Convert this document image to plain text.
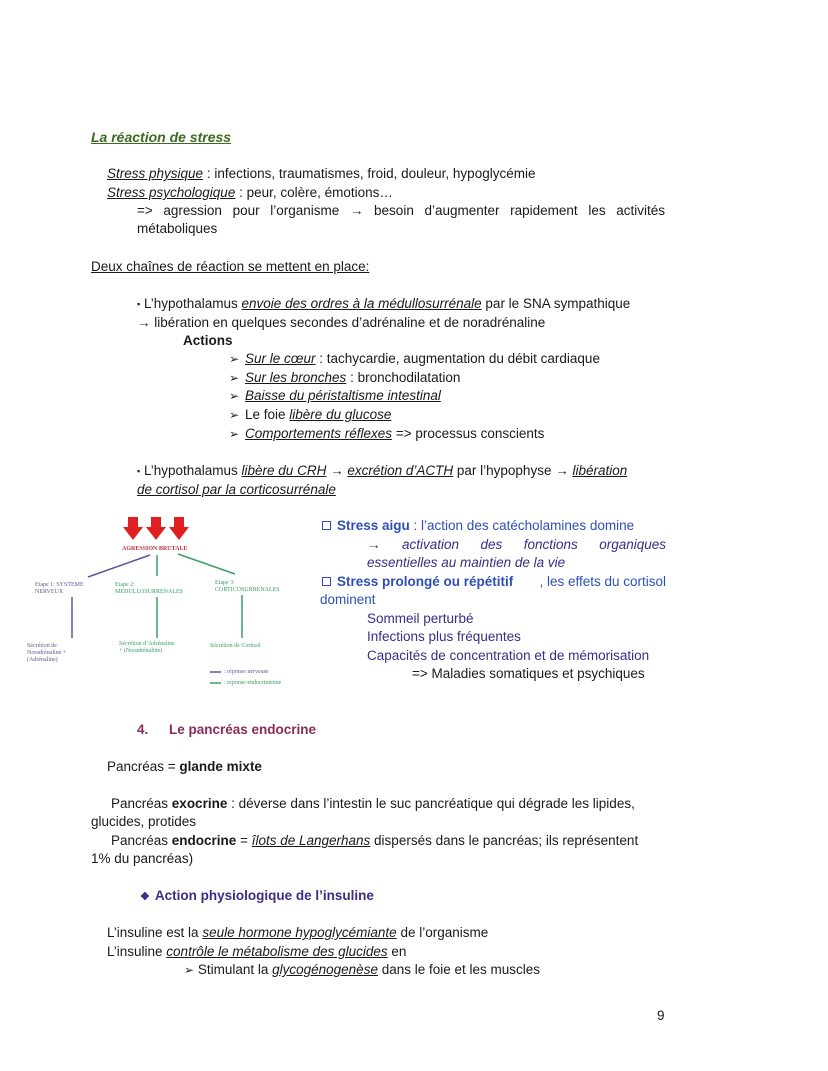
La réaction de stress
Stress physique : infections, traumatismes, froid, douleur, hypoglycémie
Stress psychologique : peur, colère, émotions…
=> agression pour l’organisme → besoin d’augmenter rapidement les activités métaboliques
Deux chaînes de réaction se mettent en place:
▪ L’hypothalamus envoie des ordres à la médullosurrénale par le SNA sympathique
→ libération en quelques secondes d’adrénaline et de noradrénaline
Actions
➢ Sur le cœur : tachycardie, augmentation du débit cardiaque
➢ Sur les bronches : bronchodilatation
➢ Baisse du péristaltisme intestinal
➢ Le foie libère du glucose
➢ Comportements réflexes => processus conscients
▪ L’hypothalamus libère du CRH → excrétion d’ACTH par l’hypophyse → libération
de cortisol par la corticosurrénale
AGRESSION BRUTALE
Etape 1: SYSTEME
NERVEUX
Etape 2:
MEDULLOSURRENALES
Etape 3:
CORTICOSURRENALES
Sécrétion de
Noradrénaline +
(Adrénaline)
Sécrétion d’Adrénaline
+ (Noradrénaline)
Sécrétion de Cortisol
: réponse nerveuse
: réponse endocrinienne
Stress aigu : l’action des catécholamines domine
→ activation des fonctions organiques
essentielles au maintien de la vie
Stress prolongé ou répétitif , les effets du cortisol
dominent
Sommeil perturbé
Infections plus fréquentes
Capacités de concentration et de mémorisation
=> Maladies somatiques et psychiques
4. Le pancréas endocrine
Pancréas = glande mixte
Pancréas exocrine : déverse dans l’intestin le suc pancréatique qui dégrade les lipides,
glucides, protides
Pancréas endocrine = îlots de Langerhans dispersés dans le pancréas; ils représentent
1% du pancréas)
❖ Action physiologique de l’insuline
L’insuline est la seule hormone hypoglycémiante de l’organisme
L’insuline contrôle le métabolisme des glucides en
➢ Stimulant la glycogénogenèse dans le foie et les muscles
9
